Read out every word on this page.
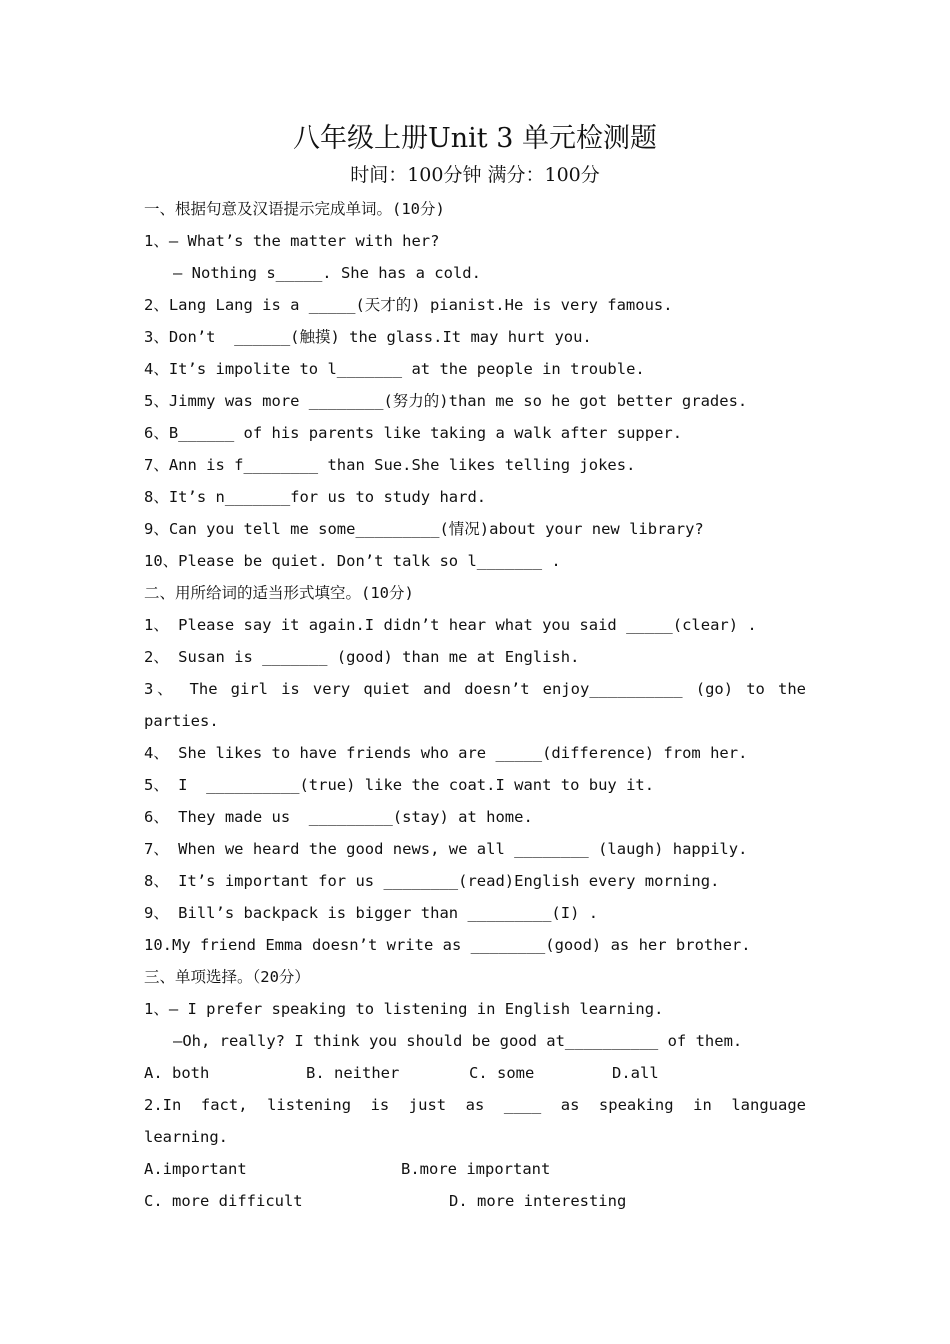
八年级上册Unit 3 单元检测题
时间：100分钟 满分：100分
一、根据句意及汉语提示完成单词。(10分)
1、— What’s the matter with her?
— Nothing s_____. She has a cold.
2、Lang Lang is a _____(天才的) pianist.He is very famous.
3、Don’t  ______(触摸) the glass.It may hurt you.
4、It’s impolite to l_______ at the people in trouble.
5、Jimmy was more ________(努力的)than me so he got better grades.
6、B______ of his parents like taking a walk after supper.
7、Ann is f________ than Sue.She likes telling jokes.
8、It’s n_______for us to study hard.
9、Can you tell me some_________(情况)about your new library?
10、Please be quiet. Don’t talk so l_______ .
二、用所给词的适当形式填空。(10分)
1、 Please say it again.I didn’t hear what you said _____(clear) .
2、 Susan is _______ (good) than me at English.
3、 The girl is very quiet and doesn’t enjoy__________ (go) to the
parties.
4、 She likes to have friends who are _____(difference) from her.
5、 I  __________(true) like the coat.I want to buy it.
6、 They made us  _________(stay) at home.
7、 When we heard the good news, we all ________ (laugh) happily.
8、 It’s important for us ________(read)English every morning.
9、 Bill’s backpack is bigger than _________(I) .
10.My friend Emma doesn’t write as ________(good) as her brother.
三、单项选择。（20分）
1、— I prefer speaking to listening in English learning.
—Oh, really? I think you should be good at__________ of them.
A. both	B. neither	C. some	D.all
2.In fact, listening is just as ____ as speaking in language
learning.
A.important	B.more important
C. more difficult	D. more interesting
